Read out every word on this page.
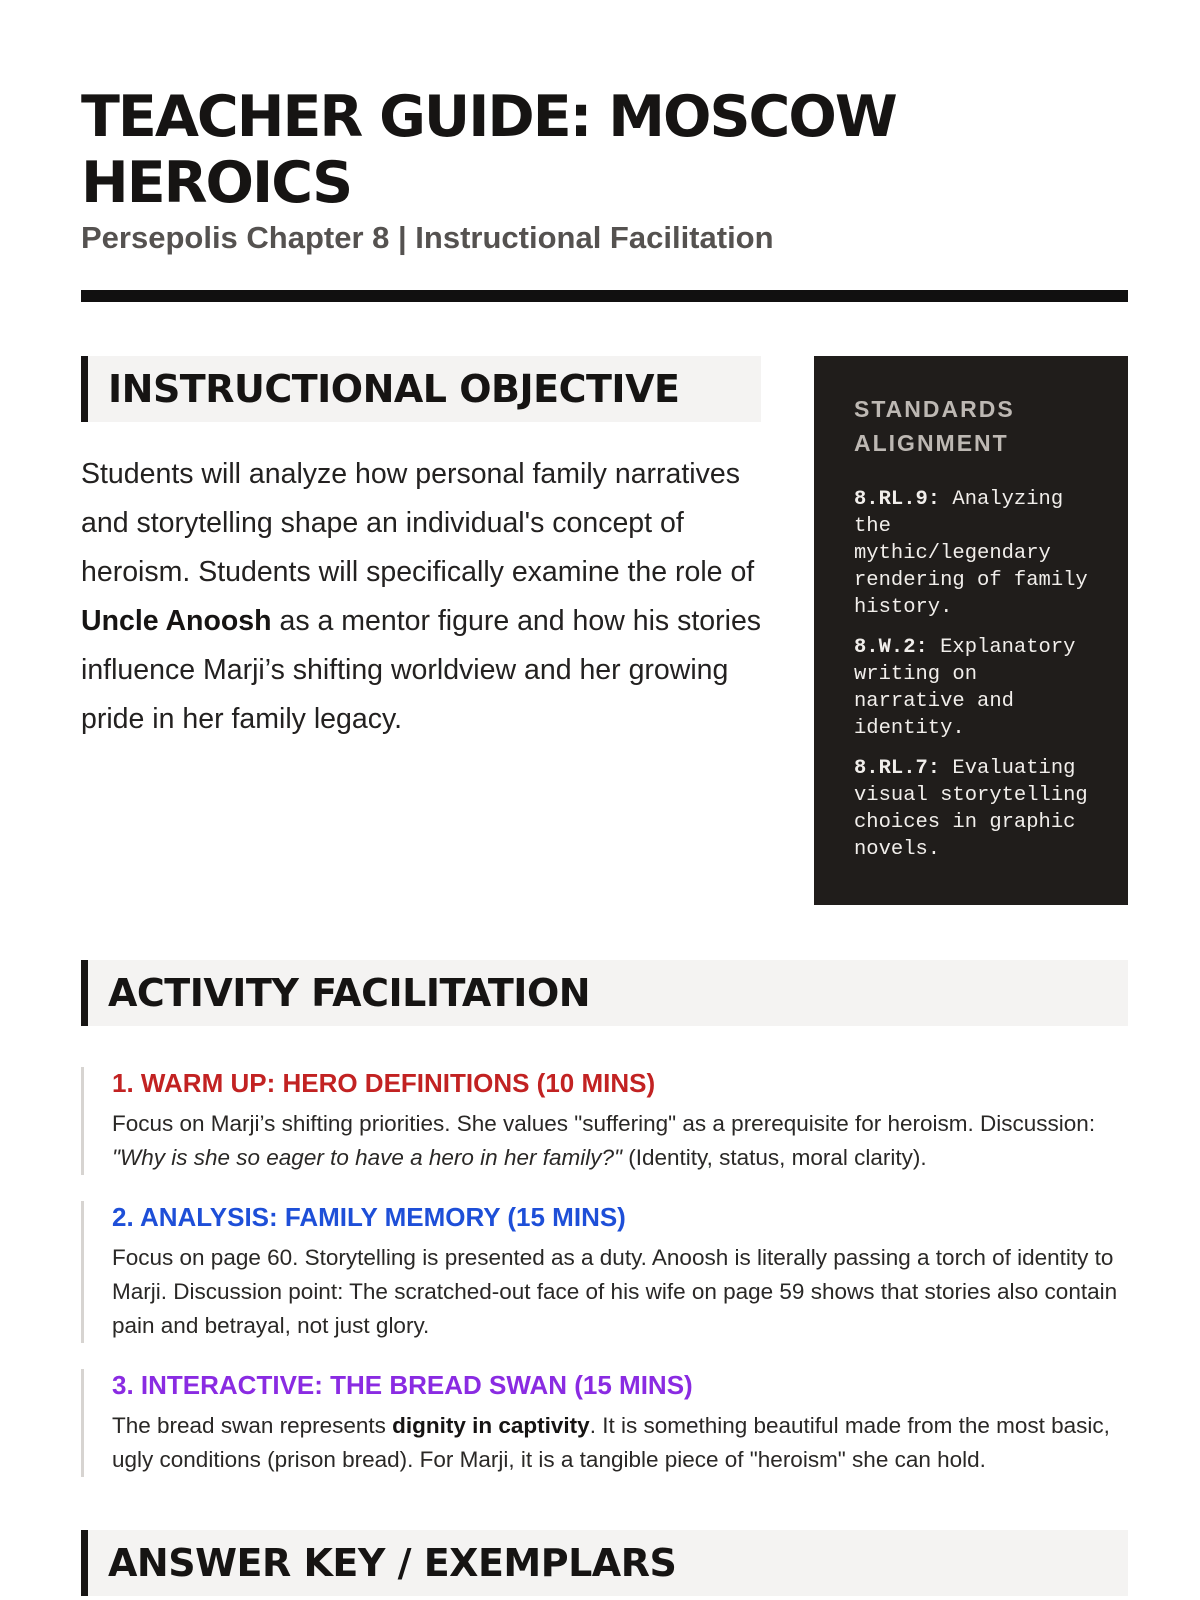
TEACHER GUIDE: MOSCOW HEROICS

Persepolis Chapter 8 | Instructional Facilitation

INSTRUCTIONAL OBJECTIVE

Students will analyze how personal family narratives and storytelling shape an individual's concept of heroism. Students will specifically examine the role of Uncle Anoosh as a mentor figure and how his stories influence Marji’s shifting worldview and her growing pride in her family legacy.

STANDARDS ALIGNMENT

8.RL.9: Analyzing the mythic/legendary rendering of family history.

8.W.2: Explanatory writing on narrative and identity.

8.RL.7: Evaluating visual storytelling choices in graphic novels.

ACTIVITY FACILITATION

1. WARM UP: HERO DEFINITIONS (10 MINS)

Focus on Marji’s shifting priorities. She values "suffering" as a prerequisite for heroism. Discussion: "Why is she so eager to have a hero in her family?" (Identity, status, moral clarity).

2. ANALYSIS: FAMILY MEMORY (15 MINS)

Focus on page 60. Storytelling is presented as a duty. Anoosh is literally passing a torch of identity to Marji. Discussion point: The scratched-out face of his wife on page 59 shows that stories also contain pain and betrayal, not just glory.

3. INTERACTIVE: THE BREAD SWAN (15 MINS)

The bread swan represents dignity in captivity. It is something beautiful made from the most basic, ugly conditions (prison bread). For Marji, it is a tangible piece of "heroism" she can hold.

ANSWER KEY / EXEMPLARS
